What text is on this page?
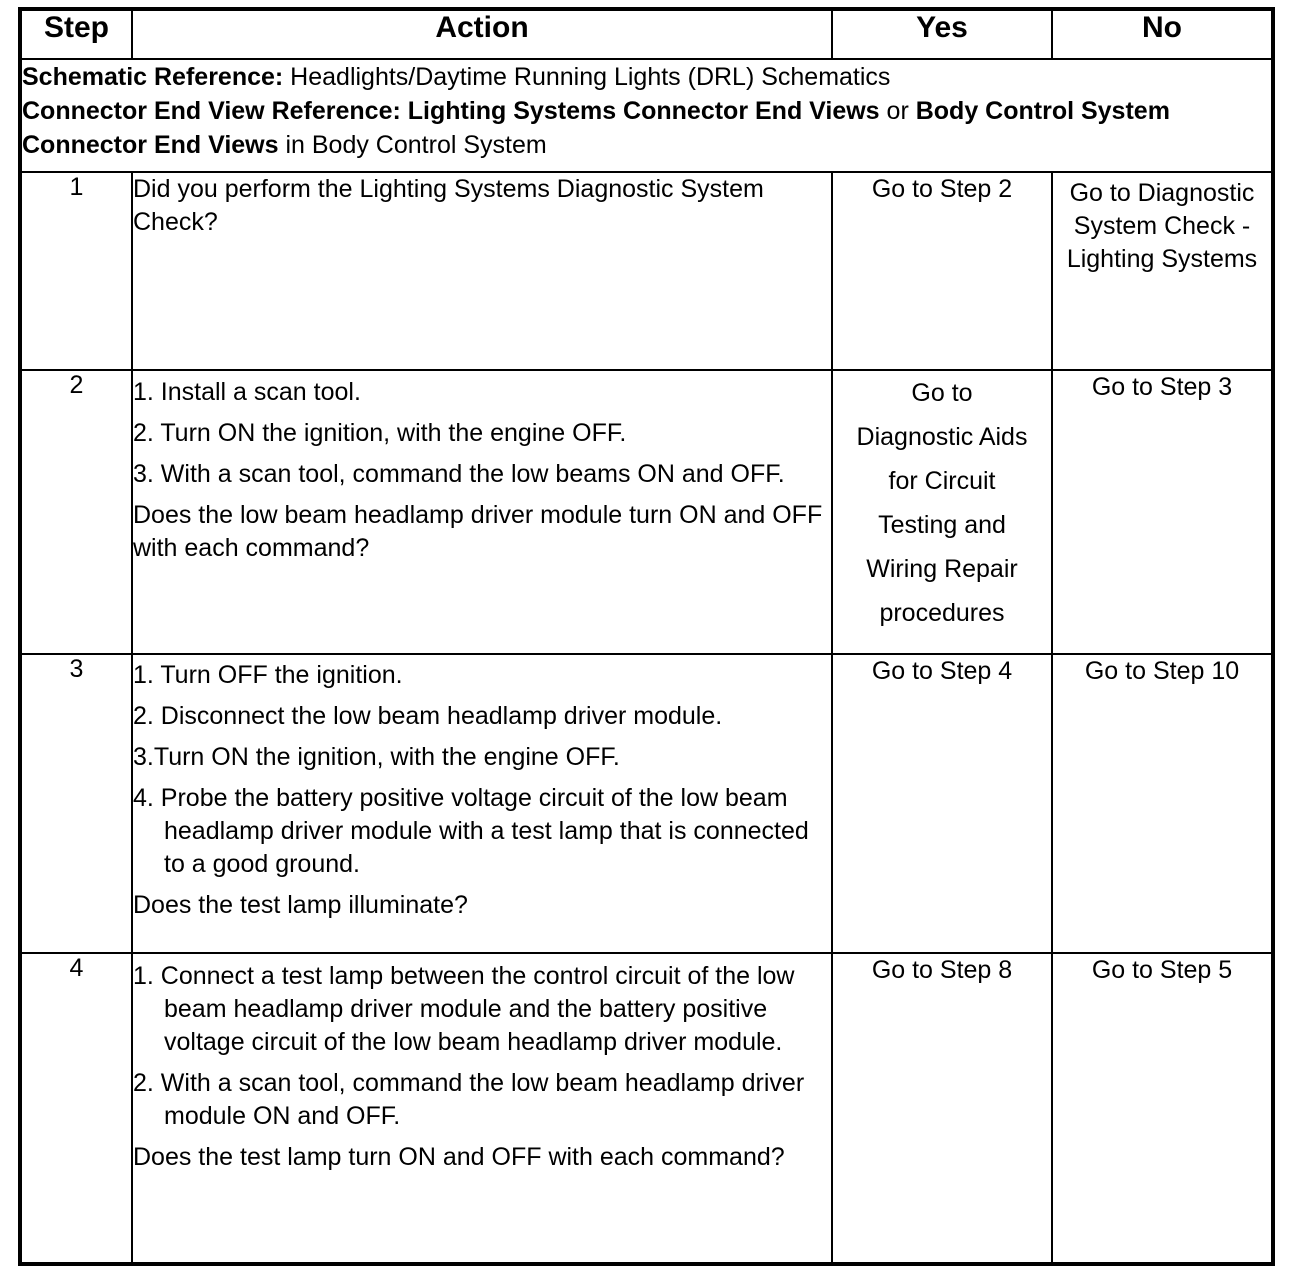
Step	Action	Yes	No
Schematic Reference: Headlights/Daytime Running Lights (DRL) Schematics
Connector End View Reference: Lighting Systems Connector End Views or Body Control System Connector End Views in Body Control System			
1	Did you perform the Lighting Systems Diagnostic System Check?	Go to Step 2	Go to Diagnostic System Check - Lighting Systems
2	1. Install a scan tool.
2. Turn ON the ignition, with the engine OFF.
3. With a scan tool, command the low beams ON and OFF.
Does the low beam headlamp driver module turn ON and OFF with each command?	Go to Diagnostic Aids for Circuit Testing and Wiring Repair procedures	Go to Step 3
3	1. Turn OFF the ignition.
2. Disconnect the low beam headlamp driver module.
3.Turn ON the ignition, with the engine OFF.
4. Probe the battery positive voltage circuit of the low beam headlamp driver module with a test lamp that is connected to a good ground.
Does the test lamp illuminate?	Go to Step 4	Go to Step 10
4	1. Connect a test lamp between the control circuit of the low beam headlamp driver module and the battery positive voltage circuit of the low beam headlamp driver module.
2. With a scan tool, command the low beam headlamp driver module ON and OFF.
Does the test lamp turn ON and OFF with each command?	Go to Step 8	Go to Step 5
